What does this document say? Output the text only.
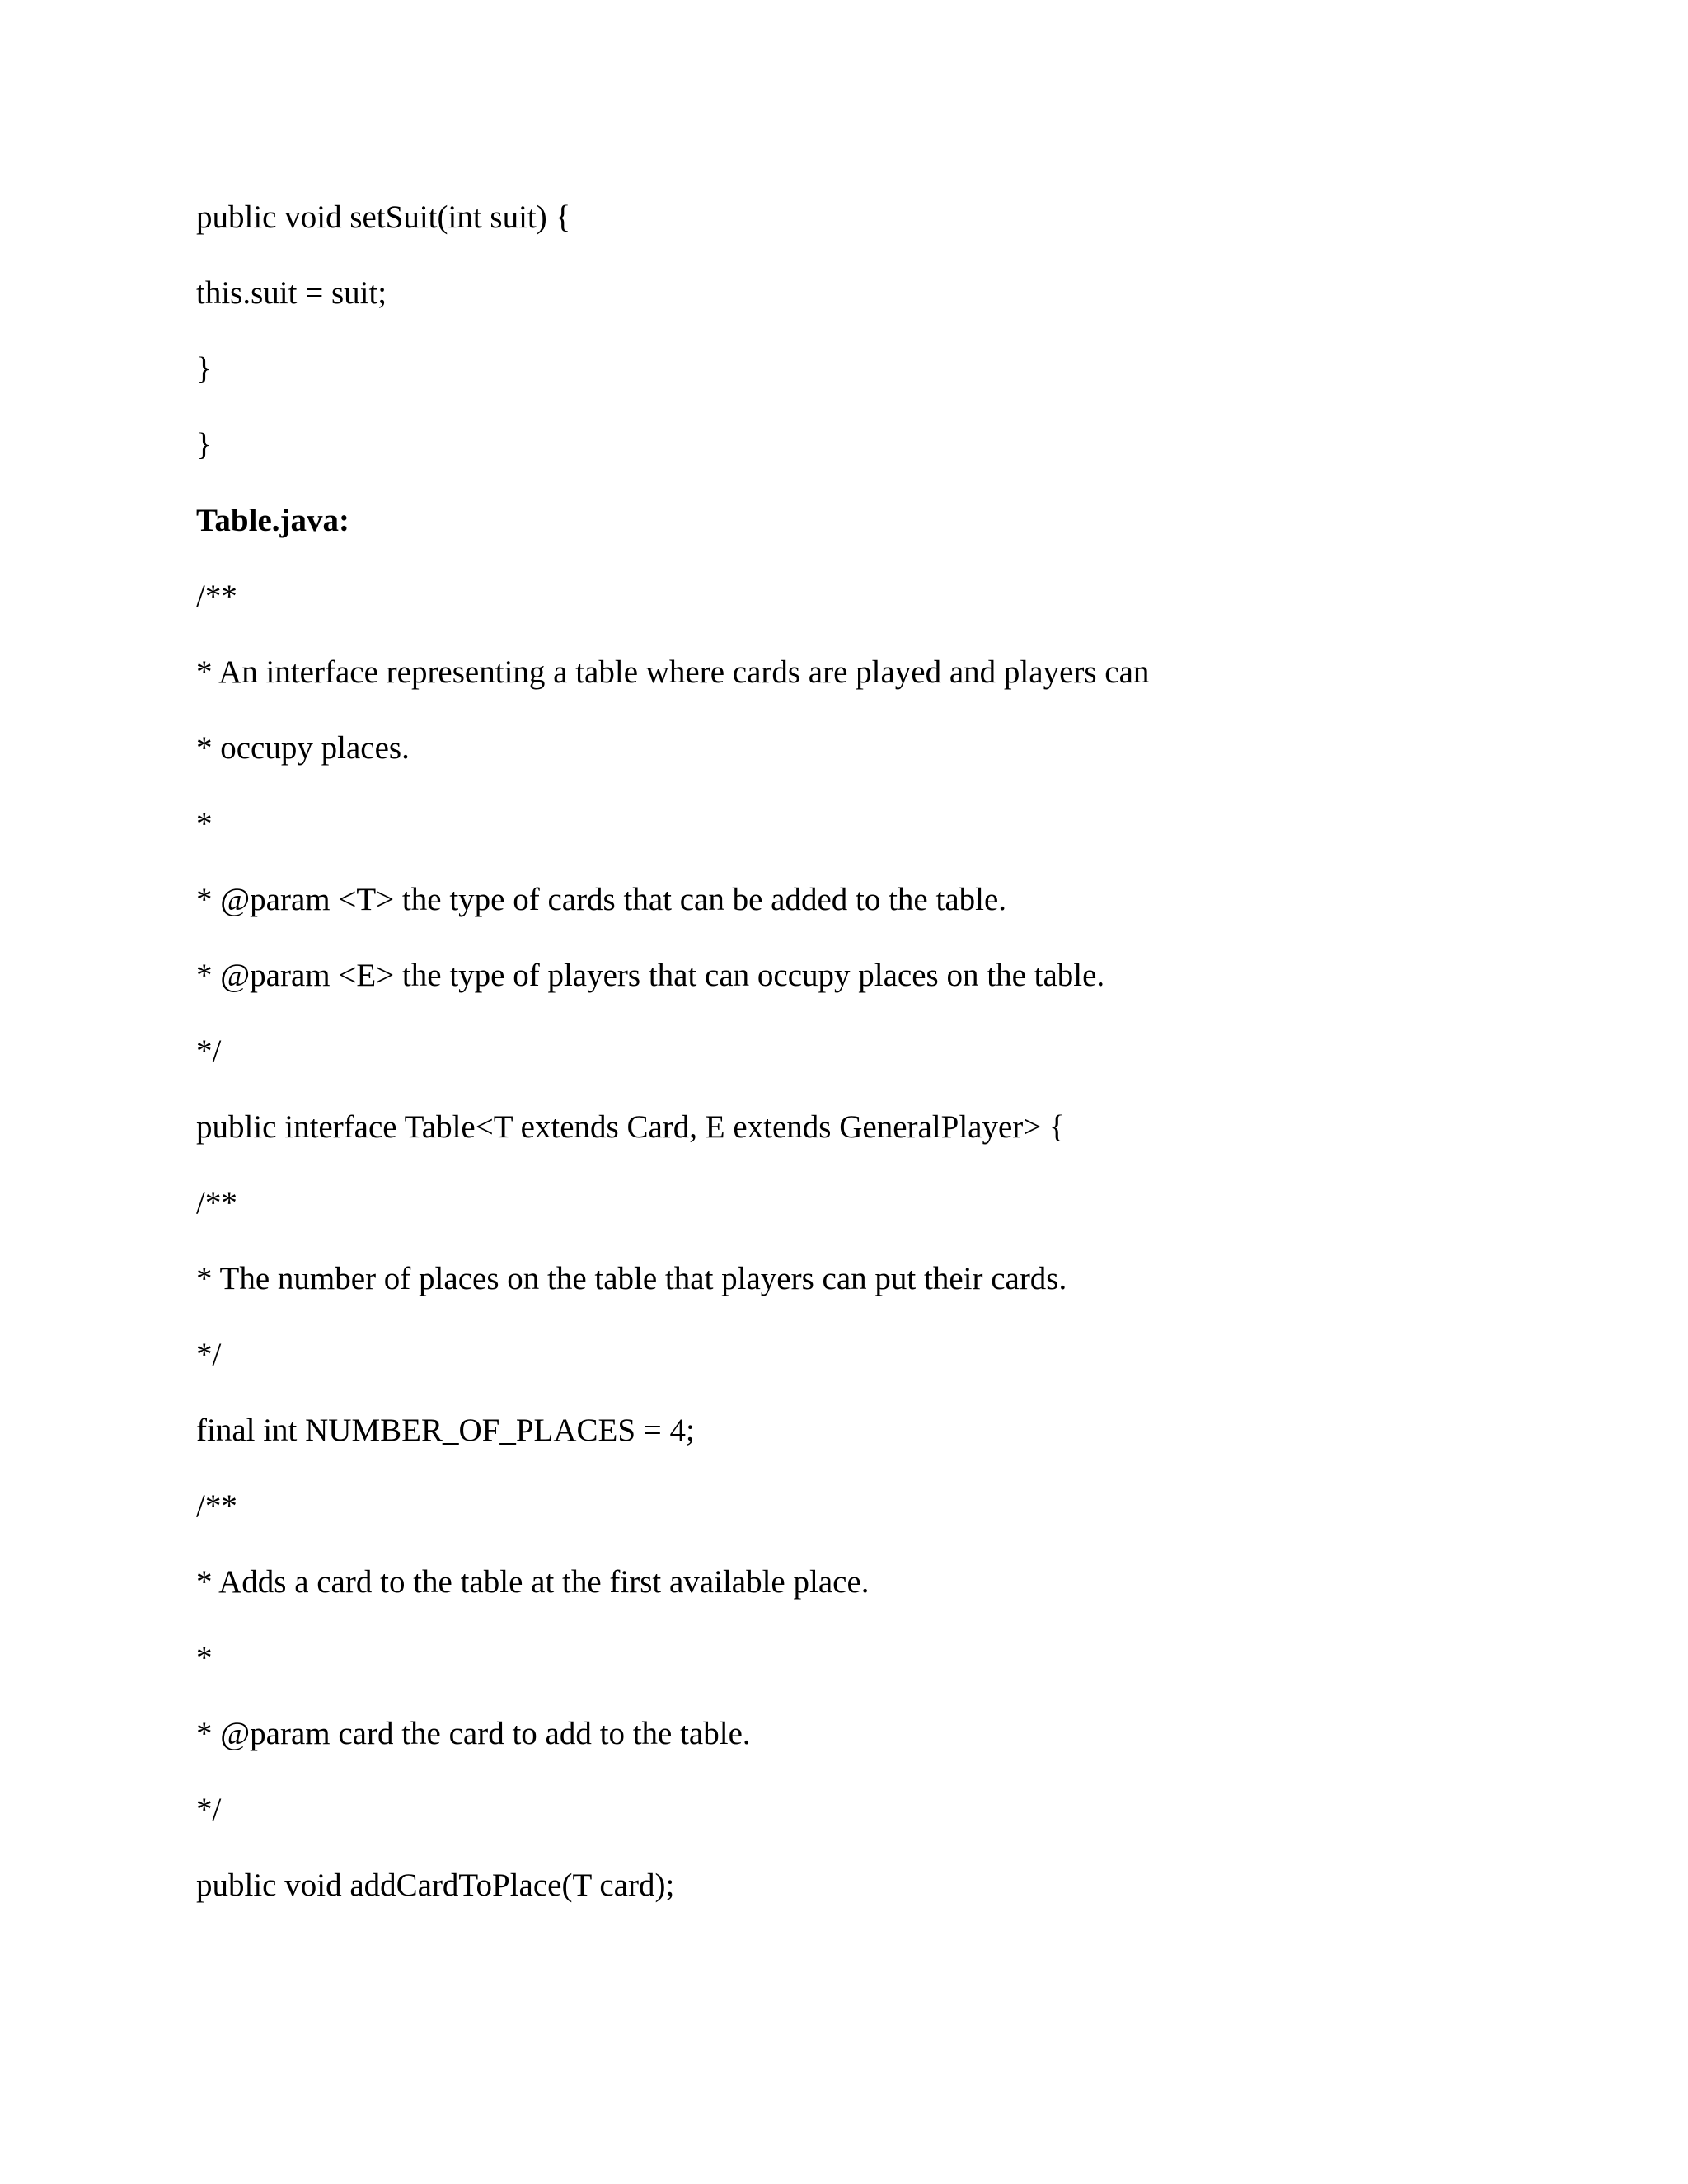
public void setSuit(int suit) {
this.suit = suit;
}
}
Table.java:
/**
* An interface representing a table where cards are played and players can
* occupy places.
*
* @param <T> the type of cards that can be added to the table.
* @param <E> the type of players that can occupy places on the table.
*/
public interface Table<T extends Card, E extends GeneralPlayer> {
/**
* The number of places on the table that players can put their cards.
*/
final int NUMBER_OF_PLACES = 4;
/**
* Adds a card to the table at the first available place.
*
* @param card the card to add to the table.
*/
public void addCardToPlace(T card);
